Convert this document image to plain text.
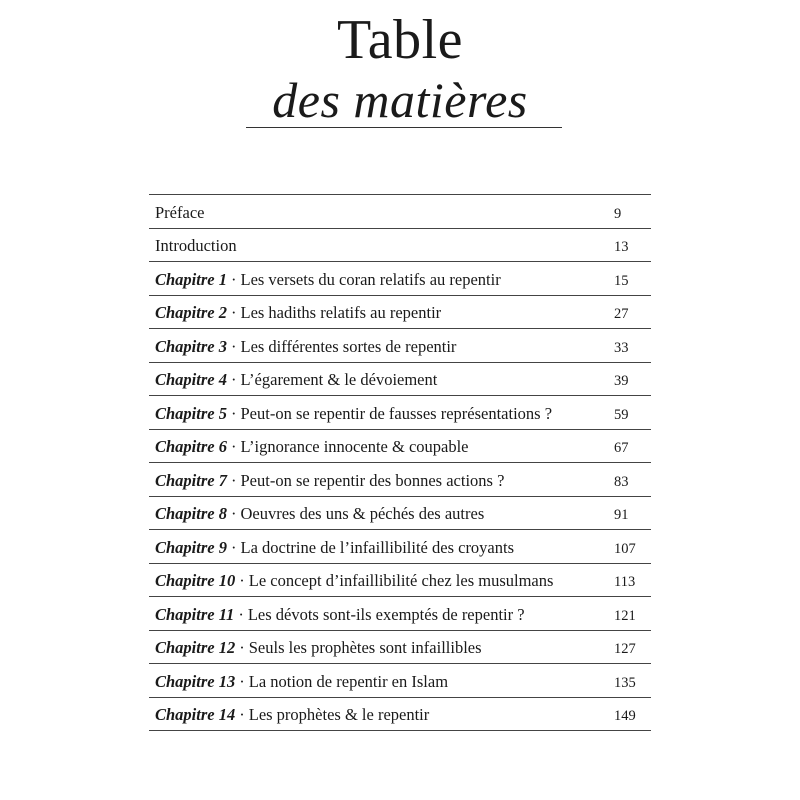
Table
des matières
Préface	9
Introduction	13
Chapitre 1 · Les versets du coran relatifs au repentir	15
Chapitre 2 · Les hadiths relatifs au repentir	27
Chapitre 3 · Les différentes sortes de repentir	33
Chapitre 4 · L’égarement & le dévoiement	39
Chapitre 5 · Peut-on se repentir de fausses représentations ?	59
Chapitre 6 · L’ignorance innocente & coupable	67
Chapitre 7 · Peut-on se repentir des bonnes actions ?	83
Chapitre 8 · Oeuvres des uns & péchés des autres	91
Chapitre 9 · La doctrine de l’infaillibilité des croyants	107
Chapitre 10 · Le concept d’infaillibilité chez les musulmans	113
Chapitre 11 · Les dévots sont-ils exemptés de repentir ?	121
Chapitre 12 · Seuls les prophètes sont infaillibles	127
Chapitre 13 · La notion de repentir en Islam	135
Chapitre 14 · Les prophètes & le repentir	149
